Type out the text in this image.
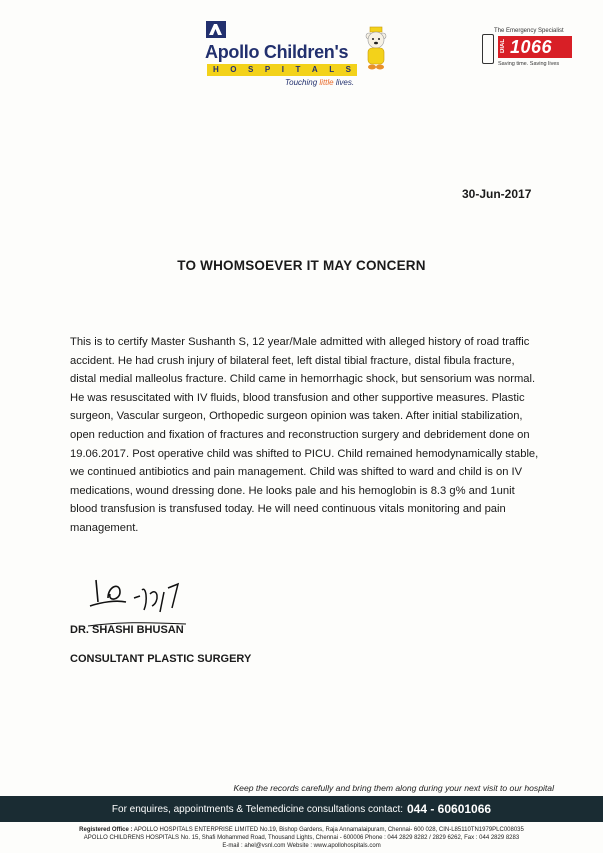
Apollo Children's
H O S P I T A L S
Touching little lives.
The Emergency Specialist
DIAL 1066
Saving time. Saving lives
30-Jun-2017
TO WHOMSOEVER IT MAY CONCERN
This is to certify Master Sushanth S, 12 year/Male admitted with alleged history of road traffic accident. He had crush injury of bilateral feet, left distal tibial fracture, distal fibula fracture, distal medial malleolus fracture. Child came in hemorrhagic shock, but sensorium was normal. He was resuscitated with IV fluids, blood transfusion and other supportive measures. Plastic surgeon, Vascular surgeon, Orthopedic surgeon opinion was taken. After initial stabilization, open reduction and fixation of fractures and reconstruction surgery and debridement done on 19.06.2017. Post operative child was shifted to PICU. Child remained hemodynamically stable, we continued antibiotics and pain management. Child was shifted to ward and child is on IV medications, wound dressing done. He looks pale and his hemoglobin is 8.3 g% and 1unit blood transfusion is transfused today. He will need continuous vitals monitoring and pain management.
DR. SHASHI BHUSAN
CONSULTANT PLASTIC SURGERY
Keep the records carefully and bring them along during your next visit to our hospital
For enquires, appointments & Telemedicine consultations contact: 044 - 60601066
Registered Office : APOLLO HOSPITALS ENTERPRISE LIMITED No.19, Bishop Gardens, Raja Annamalaipuram, Chennai- 600 028, CIN-L85110TN1979PLC008035
APOLLO CHILDRENS HOSPITALS No. 15, Shafi Mohammed Road, Thousand Lights, Chennai - 600006 Phone : 044 2829 8282 / 2829 6262, Fax : 044 2829 8283
E-mail : ahel@vsnl.com Website : www.apollohospitals.com
